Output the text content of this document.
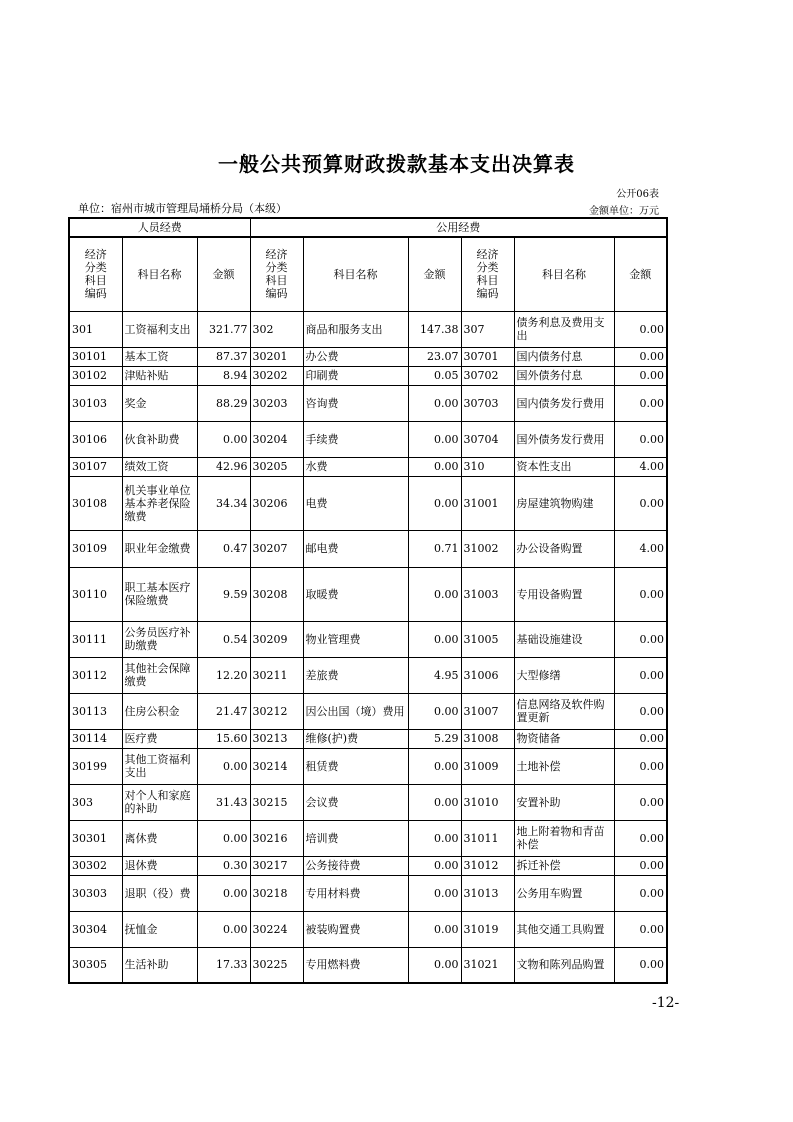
一般公共预算财政拨款基本支出决算表
公开06表
单位：宿州市城市管理局埇桥分局（本级）	金额单位：万元
人员经费			公用经费					
经济分类科目编码	科目名称	金额	经济分类科目编码	科目名称	金额	经济分类科目编码	科目名称	金额
301	工资福利支出	321.77	302	商品和服务支出	147.38	307	债务利息及费用支出	0.00
30101	基本工资	87.37	30201	办公费	23.07	30701	国内债务付息	0.00
30102	津贴补贴	8.94	30202	印刷费	0.05	30702	国外债务付息	0.00
30103	奖金	88.29	30203	咨询费	0.00	30703	国内债务发行费用	0.00
30106	伙食补助费	0.00	30204	手续费	0.00	30704	国外债务发行费用	0.00
30107	绩效工资	42.96	30205	水费	0.00	310	资本性支出	4.00
30108	机关事业单位基本养老保险缴费	34.34	30206	电费	0.00	31001	房屋建筑物购建	0.00
30109	职业年金缴费	0.47	30207	邮电费	0.71	31002	办公设备购置	4.00
30110	职工基本医疗保险缴费	9.59	30208	取暖费	0.00	31003	专用设备购置	0.00
30111	公务员医疗补助缴费	0.54	30209	物业管理费	0.00	31005	基础设施建设	0.00
30112	其他社会保障缴费	12.20	30211	差旅费	4.95	31006	大型修缮	0.00
30113	住房公积金	21.47	30212	因公出国（境）费用	0.00	31007	信息网络及软件购置更新	0.00
30114	医疗费	15.60	30213	维修(护)费	5.29	31008	物资储备	0.00
30199	其他工资福利支出	0.00	30214	租赁费	0.00	31009	土地补偿	0.00
303	对个人和家庭的补助	31.43	30215	会议费	0.00	31010	安置补助	0.00
30301	离休费	0.00	30216	培训费	0.00	31011	地上附着物和青苗补偿	0.00
30302	退休费	0.30	30217	公务接待费	0.00	31012	拆迁补偿	0.00
30303	退职（役）费	0.00	30218	专用材料费	0.00	31013	公务用车购置	0.00
30304	抚恤金	0.00	30224	被装购置费	0.00	31019	其他交通工具购置	0.00
30305	生活补助	17.33	30225	专用燃料费	0.00	31021	文物和陈列品购置	0.00
-12-
